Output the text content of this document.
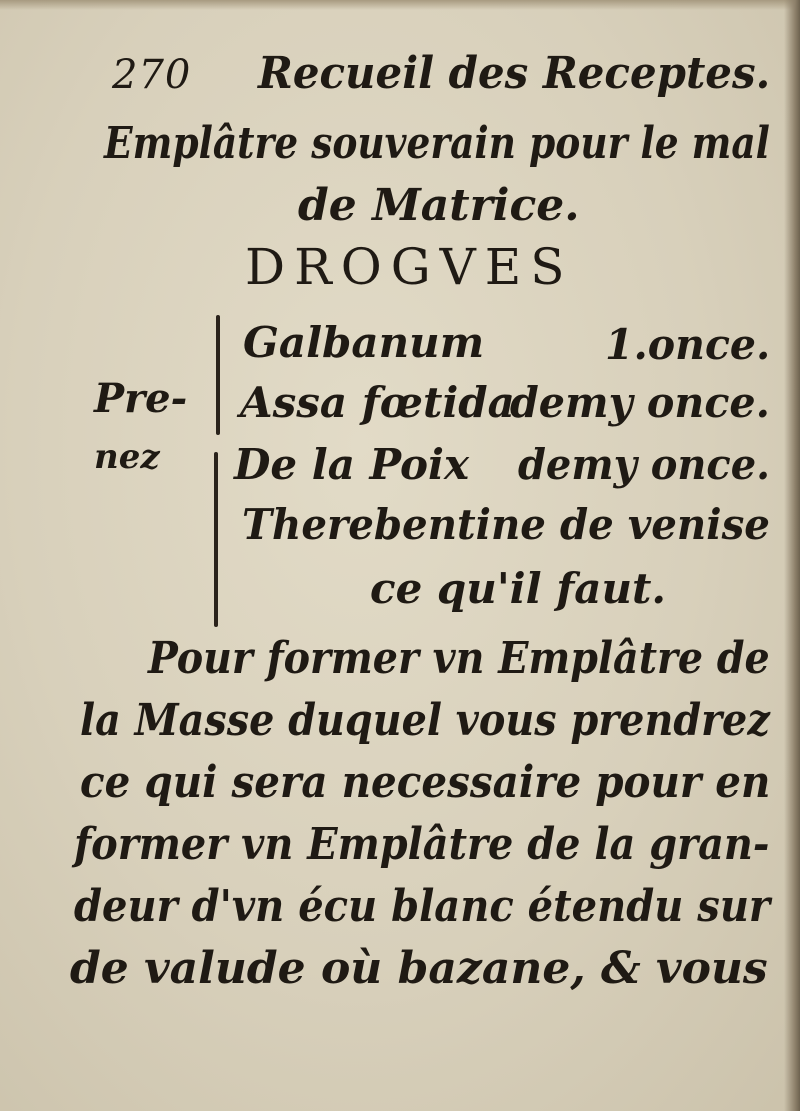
270 Recueil des Receptes.
Emplâtre souverain pour le mal
de Matrice.
DROGVES
Pre-
nez
Galbanum	1.once.
Assa fœtida
demy once.
De la Poix demy once.
Therebentine de venise
ce qu'il faut.
Pour former vn Emplâtre de
la Masse duquel vous prendrez
ce qui sera necessaire pour en
former vn Emplâtre de la gran-
deur d'vn écu blanc étendu sur
de valude où bazane, & vous
